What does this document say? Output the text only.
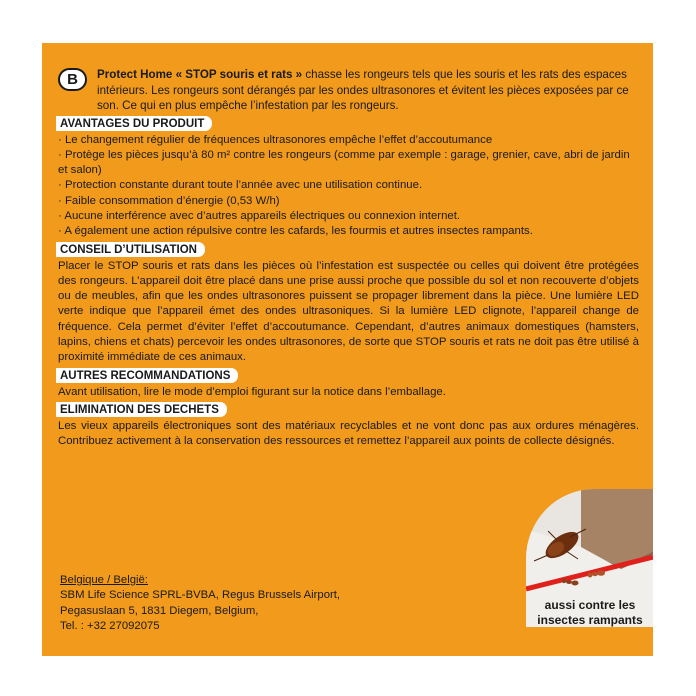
B	Protect Home « STOP souris et rats » chasse les rongeurs tels que les souris et les rats des espaces intérieurs. Les rongeurs sont dérangés par les ondes ultrasonores et évitent les pièces exposées par ce son. Ce qui en plus empêche l’infestation par les rongeurs.
AVANTAGES DU PRODUIT
· Le changement régulier de fréquences ultrasonores empêche l’effet d’accoutumance
· Protège les pièces jusqu’à 80 m² contre les rongeurs (comme par exemple : garage, grenier, cave, abri de jardin et salon)
· Protection constante durant toute l’année avec une utilisation continue.
· Faible consommation d’énergie (0,53 W/h)
· Aucune interférence avec d’autres appareils électriques ou connexion internet.
· A également une action répulsive contre les cafards, les fourmis et autres insectes rampants.
CONSEIL D’UTILISATION

Placer le STOP souris et rats dans les pièces où l’infestation est suspectée ou celles qui doivent être protégées des rongeurs. L’appareil doit être placé dans une prise aussi proche que possible du sol et non recouverte d’objets ou de meubles, afin que les ondes ultrasonores puissent se propager librement dans la pièce. Une lumière LED verte indique que l’appareil émet des ondes ultrasoniques. Si la lumière LED clignote, l’appareil change de fréquence. Cela permet d’éviter l’effet d’accoutumance. Cependant, d’autres animaux domestiques (hamsters, lapins, chiens et chats) percevoir les ondes ultrasonores, de sorte que STOP souris et rats ne doit pas être utilisé à proximité immédiate de ces animaux.

AUTRES RECOMMANDATIONS

Avant utilisation, lire le mode d’emploi figurant sur la notice dans l’emballage.

ELIMINATION DES DECHETS

Les vieux appareils électroniques sont des matériaux recyclables et ne vont donc pas aux ordures ménagères. Contribuez activement à la conservation des ressources et remettez l’appareil aux points de collecte désignés.

Belgique / België:
SBM Life Science SPRL-BVBA, Regus Brussels Airport,
Pegasuslaan 5, 1831 Diegem, Belgium,
Tel. : +32 27092075
aussi contre les
insectes rampants
